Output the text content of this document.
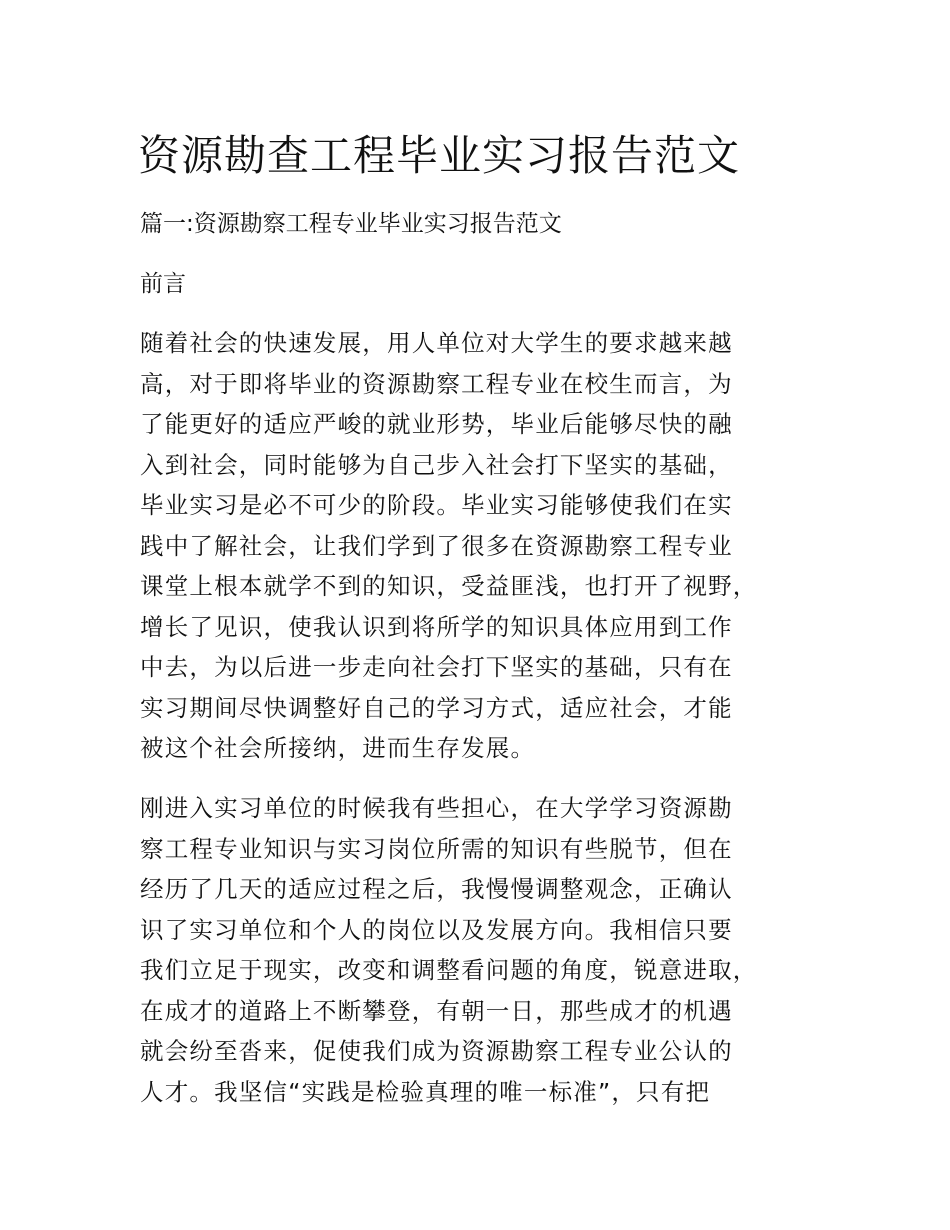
资源勘查工程毕业实习报告范文

篇一:资源勘察工程专业毕业实习报告范文

前言

随着社会的快速发展，用人单位对大学生的要求越来越

高，对于即将毕业的资源勘察工程专业在校生而言，为

了能更好的适应严峻的就业形势，毕业后能够尽快的融

入到社会，同时能够为自己步入社会打下坚实的基础，

毕业实习是必不可少的阶段。毕业实习能够使我们在实

践中了解社会，让我们学到了很多在资源勘察工程专业

课堂上根本就学不到的知识，受益匪浅，也打开了视野，

增长了见识，使我认识到将所学的知识具体应用到工作

中去，为以后进一步走向社会打下坚实的基础，只有在

实习期间尽快调整好自己的学习方式，适应社会，才能

被这个社会所接纳，进而生存发展。

刚进入实习单位的时候我有些担心，在大学学习资源勘

察工程专业知识与实习岗位所需的知识有些脱节，但在

经历了几天的适应过程之后，我慢慢调整观念，正确认

识了实习单位和个人的岗位以及发展方向。我相信只要

我们立足于现实，改变和调整看问题的角度，锐意进取，

在成才的道路上不断攀登，有朝一日，那些成才的机遇

就会纷至沓来，促使我们成为资源勘察工程专业公认的

人才。我坚信“实践是检验真理的唯一标准”，只有把
